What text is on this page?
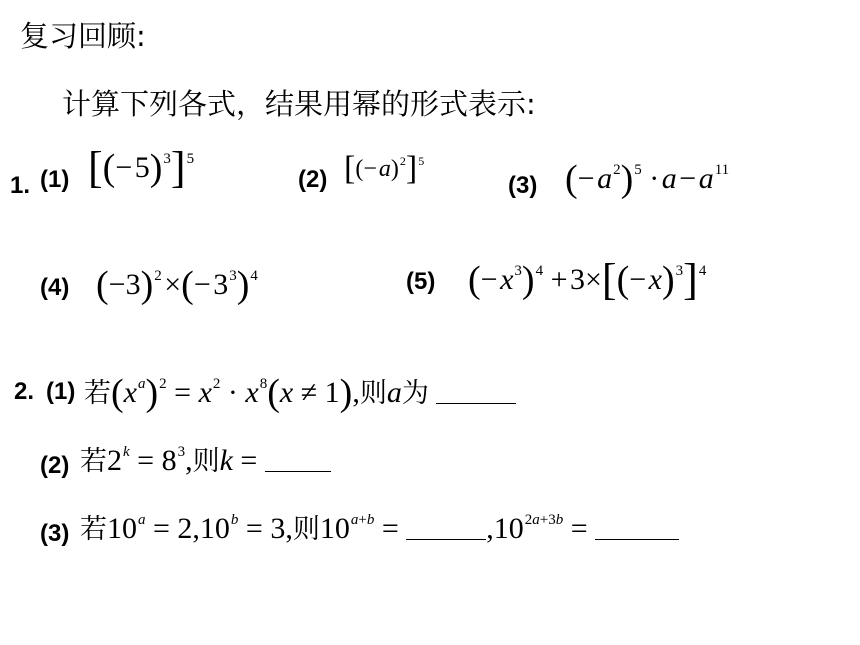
复习回顾:
计算下列各式，结果用幂的形式表示:
1. (1) [(− 5)$^3$]$^5$
(2) [(− a)$^2$]$^5$
(3) (− $a^2)^5$ · a − $a^{11}$
(4) $(-3)^2$ ×(− $3^3)^4$	(5) (− $x^3)^4$ + 3×[(− x)$^3$]$^4$
2. (1) 若$(x^a)^2 = x^2 \cdot x^8(x \ne 1)$,则a为
(2) 若$2^k = 8^3$,则k =
(3) 若$10^a = 2,10^b = 3$,则$10^{a+b}$ =	$,10^{2a+3b}$ =
